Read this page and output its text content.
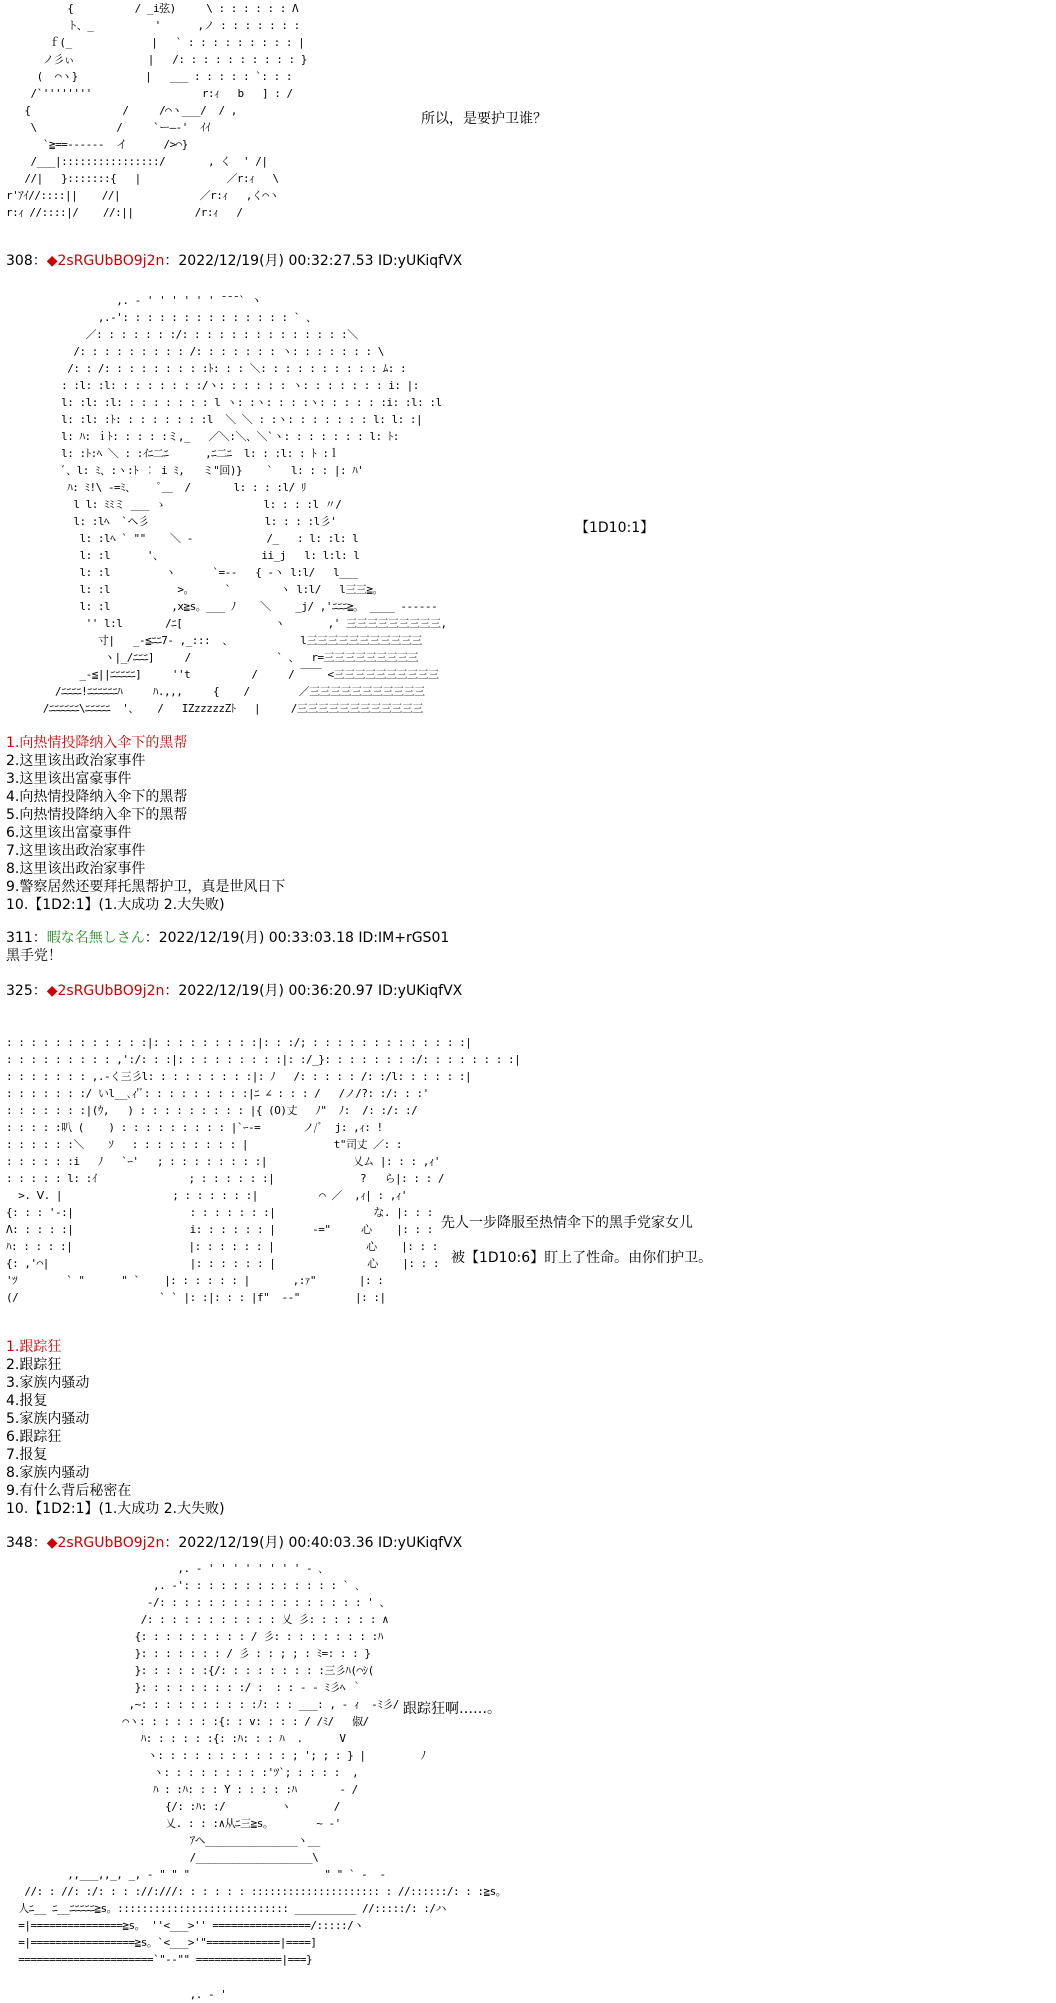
{          / _i弦)     \ : : : : : : Λ
ト、_          '      ,ノ : : : : : : :
ｆ(_             |   ` : : : : : : : : : |
ノ彡ぃ            |   /: : : : : : : : : : }
(  ⌒ヽ}           |   ___ : : : : : `: : :
/`''''''''                  r:ｨ   b   ] : /
{               /     /⌒ヽ___/  / ,
\             /     `ー―‐'  ｲｲ
`≧==------  イ      />⌒}
/___|::::::::::::::::/       , く  ' /|
//|   }:::::::{   |              ／r:ｨ   \
r'ｱｲ//::::||    //|             ／r:ｨ   ,く⌒ヽ
r:ｨ //::::|/    //:||          /r:ｨ   /
所以，是要护卫谁？
308：◆2sRGUbBO9j2n：2022/12/19(月) 00:32:27.53 ID:yUKiqfVX
,. - ' ' ' ' ' ' ̄ ̄ ̄ ` ヽ
,.-': : : : : : : : : : : : : : ` 、
／: : : : : : :/: : : : : : : : : : : : : :＼
/: : : : : : : : : /: : : : : : : ヽ: : : : : : : \
/: : /: : : : : : : : :ﾄ: : : ＼: : : : : : : : : : ﾑ: :
: :l: :l: : : : : : : :/ヽ: : : : : : ヽ: : : : : : : i: |:
l: :l: :l: : : : : : : : l ヽ: :ヽ: : : :ヽ: : : : : :i: :l: :l
l: :l: :ﾄ: : : : : : : :l  ＼ ＼ : :ヽ: : : : : : : l: l: :|
l: ﾊ: ｉﾄ: : : : :ミ,_   ／＼:＼、＼`ヽ: : : : : : : l: ﾄ:
l: :ﾄ:ﾍ ＼ : :ｲﾆ二ﾆ      ,ﾆ二ﾆ  l: : :l: : ﾄ :ｌ
ﾞ、l: ﾐ、:ヽ:ﾄ ︰ i ﾐ,   ミ"回)}    `   l: : : |: ﾊ'
ﾊ: ﾐ!\ ‐=ﾐ、    ﾟ＿  /       l: : : :l/ ﾘ
l l: ﾐﾐミ ___ ゝ                l: : : :l 〃/
l: :lﾍ  `ヘ彡                   l: : : :l彡'
l: :lﾍ ` ""    ＼ -            /_   : l: :l: l
l: :l      '、                ii_j   l: l:l: l
l: :l         ヽ      `=--   { ‐ヽ l:l/   l___
l: :l           >。     `        ヽ l:l/   l三三≧。
l: :l          ,x≧s。___ ﾉ    ＼    _j/ ,'ﾆﾆﾆ≧。 ____ ------
'' l:l       /ﾆ[               ヽ       ,' 三三三三三三三三三,
寸|   _-≦ﾆﾆ7- ,_:::  、           l三三三三三三三三三三三
ヽ|_/ﾆﾆﾆ]     /              ` 、  r=三三三三三三三三三
_-≦||ﾆﾆﾆﾆﾆ]     ''t          /     / ￣￣ <三三三三三三三三三三
/ﾆﾆﾆﾆ!ﾆﾆﾆﾆﾆﾆﾊ     ﾊ.,,,     {    /        ／三三三三三三三三三三三
/ﾆﾆﾆﾆﾆﾆ\ﾆﾆﾆﾆﾆ  '、   /   IZzzzzzZﾄ   |     /三三三三三三三三三三三三
【1D10:1】
1.向热情投降纳入伞下的黑帮
2.这里该出政治家事件
3.这里该出富豪事件
4.向热情投降纳入伞下的黑帮
5.向热情投降纳入伞下的黑帮
6.这里该出富豪事件
7.这里该出政治家事件
8.这里该出政治家事件
9.警察居然还要拜托黑帮护卫，真是世风日下
10.【1D2:1】(1.大成功 2.大失败)
311：暇な名無しさん：2022/12/19(月) 00:33:03.18 ID:IM+rGS01
黑手党！
325：◆2sRGUbBO9j2n：2022/12/19(月) 00:36:20.97 ID:yUKiqfVX
: : : : : : : : : : : :|: : : : : : : : :|: : :/; : : : : : : : : : : : : :|
: : : : : : : : : ,':/: : :|: : : : : : : : :|: :/_}: : : : : : : :/: : : : : : : :|
: : : : : : : ,.-く三彡l: : : : : : : : :|: ﾉ   /: : : : : /: :/l: : : : : :|
: : : : : : :/ いl__､ｨ'ﾞ: : : : : : : : :|ﾆ ∠ : : : /   /ノ/?: :/: : :'
: : : : : : :|(ｳ,   ) : : : : : : : : : |{ (O)丈   ﾉ"  ﾉ:  /: :/: :/
: : : : :叭 (    ) : : : : : : : : : |`ｰ‐=       ノ/ﾞ  j: ,ｨ: !
: : : : : :＼    ｿ   : : : : : : : : : |              t"司丈 ／: :
: : : : : :i   ﾉ   `ｰ'   ; : : : : : : : :|              乂ム |: : : ,ｨ'
: : : : : l: :ｲ               ; : : : : : :|              ?   ら|: : : /
>. Ⅴ. |                  ; : : : : : :|          ⌒ ／  ,ｨ| : ,ｨ'
{: : : '‐:|                   : : : : : : :|                な. |: : :
Λ: : : : :|                   i: : : : : : |      -="     心    |: : :
ﾊ: : : : :|                   |: : : : : : |               心    |: : :
{: ,'⌒|                       |: : : : : : |               心    |: : :
'ﾂ        ` "      " `    |: : : : : : |       ,:ｧ"       |: :
(/                       ` ` |: :|: : : |f"  --"         |: :|
先人一步降服至热情伞下的黑手党家女儿
被【1D10:6】盯上了性命。由你们护卫。
1.跟踪狂
2.跟踪狂
3.家族内骚动
4.报复
5.家族内骚动
6.跟踪狂
7.报复
8.家族内骚动
9.有什么背后秘密在
10.【1D2:1】(1.大成功 2.大失败)
348：◆2sRGUbBO9j2n：2022/12/19(月) 00:40:03.36 ID:yUKiqfVX
,. - ' ' ' ' ' ' ' ' ‐ ､
,. -': : : : : : : : : : : : : ` ､
-/: : : : : : : : : : : : : : : : : ' 、
/: : : : : : : : : : : 乂 彡: : : : : : ∧
{: : : : : : : : : / 彡: : : : : : : : :ﾊ
}: : : : : : : / 彡 : : ; ; : ﾐ=: : : }
}: : : : : :{/: : : : : : : : :三彡ﾊ(⌒ｼ(
}: : : : : : : : :/ :  : : ‐ ‐ ﾐ彡ﾍ ｀
,~: : : : : : : : : :ﾉ: : : ___: , - ｨ  -ﾐ彡/
⌒ヽ: : : : : : :{: : v: : : : / /ﾐ/   俶/
ﾊ: : : : : :{: :ﾊ: : : ﾊ  .      V
ヽ: : : : : : : : : : : ; '; ; : } |         ﾉ
ヽ: : : : : : : : :'ﾂ`; : : : :  ,
ﾊ : :ﾊ: : : Y : : : : :ﾊ       - /
{/: :ﾊ: :/         ヽ       /
乂. : : :∧从ﾆ三≧s。       ~ ‐'
ｱヘ_______________ヽ__
/___________________\
,,___,,_, _, - " " "                      " " ` -  -
//: : //: :/: : : ://:///: : : : : : ::::::::::::::::::::: : //::::::/: : :≧s。
人ﾆ__ ﾆ__ﾆﾆﾆﾆﾆ≧s。:::::::::::::::::::::::::::: __________ //:::::/: :/ハ
=|===============≧s。 ''<___>'' ================/:::::/ヽ
=|=================≧s。`<___>'"============|====]
======================`"--"" ==============|===}
跟踪狂啊……。
,. ‐ '
